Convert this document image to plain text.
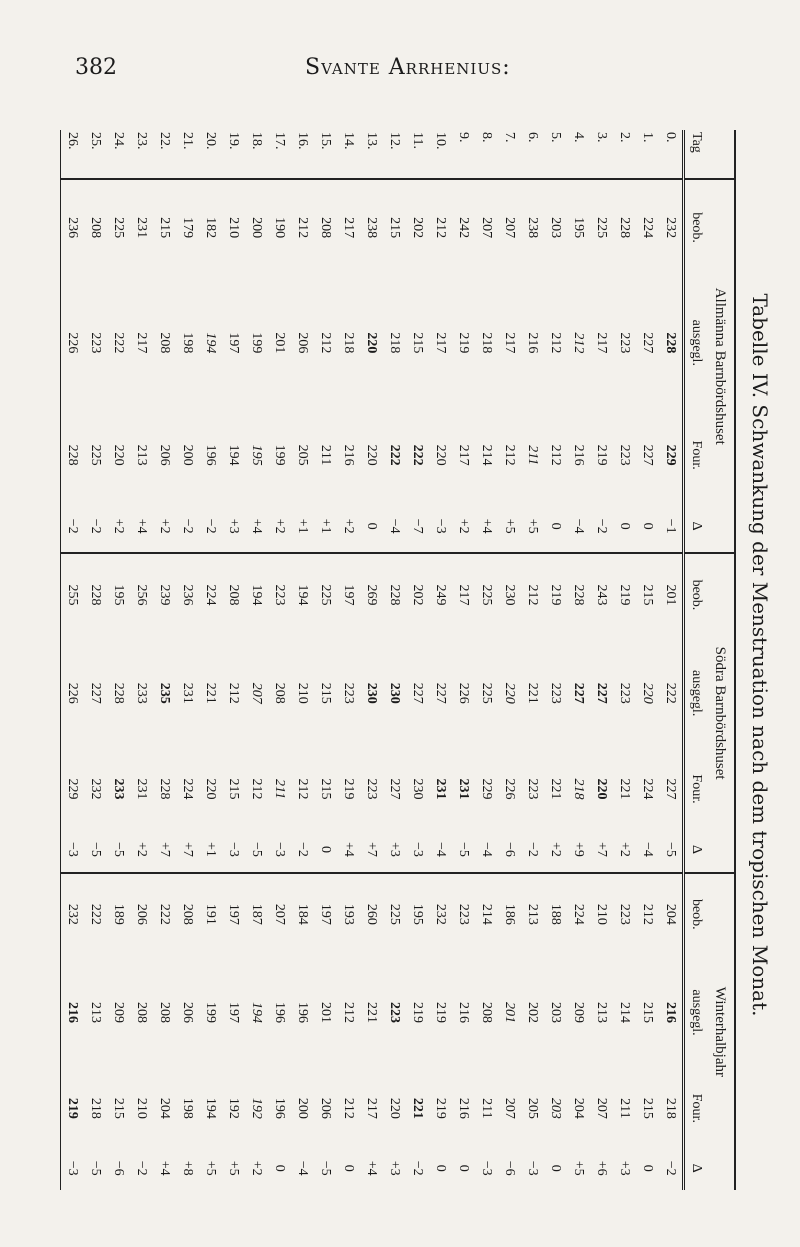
382	Svante Arrhenius:
Tabelle IV. Schwankung der Menstruation nach dem tropischen Monat.
	Allmänna Barnbördshuset				Södra Barnbördshuset				Winterhalbjahr			
Tag	beob.	ausgegl.	Four.	Δ	beob.	ausgegl.	Four.	Δ	beob.	ausgegl.	Four.	Δ
0.	232	228	229	−1	201	222	227	−5	204	216	218	−2
1.	224	227	227	0	215	220	224	−4	212	215	215	0
2.	228	223	223	0	219	223	221	+2	223	214	211	+3
3.	225	217	219	−2	243	227	220	+7	210	213	207	+6
4.	195	212	216	−4	228	227	218	+9	224	209	204	+5
5.	203	212	212	0	219	223	221	+2	188	203	203	0
6.	238	216	211	+5	212	221	223	−2	213	202	205	−3
7.	207	217	212	+5	230	220	226	−6	186	201	207	−6
8.	207	218	214	+4	225	225	229	−4	214	208	211	−3
9.	242	219	217	+2	217	226	231	−5	223	216	216	0
10.	212	217	220	−3	249	227	231	−4	232	219	219	0
11.	202	215	222	−7	202	227	230	−3	195	219	221	−2
12.	215	218	222	−4	228	230	227	+3	225	223	220	+3
13.	238	220	220	0	269	230	223	+7	260	221	217	+4
14.	217	218	216	+2	197	223	219	+4	193	212	212	0
15.	208	212	211	+1	225	215	215	0	197	201	206	−5
16.	212	206	205	+1	194	210	212	−2	184	196	200	−4
17.	190	201	199	+2	223	208	211	−3	207	196	196	0
18.	200	199	195	+4	194	207	212	−5	187	194	192	+2
19.	210	197	194	+3	208	212	215	−3	197	197	192	+5
20.	182	194	196	−2	224	221	220	+1	191	199	194	+5
21.	179	198	200	−2	236	231	224	+7	208	206	198	+8
22.	215	208	206	+2	239	235	228	+7	222	208	204	+4
23.	231	217	213	+4	256	233	231	+2	206	208	210	−2
24.	225	222	220	+2	195	228	233	−5	189	209	215	−6
25.	208	223	225	−2	228	227	232	−5	222	213	218	−5
26.	236	226	228	−2	255	226	229	−3	232	216	219	−3
